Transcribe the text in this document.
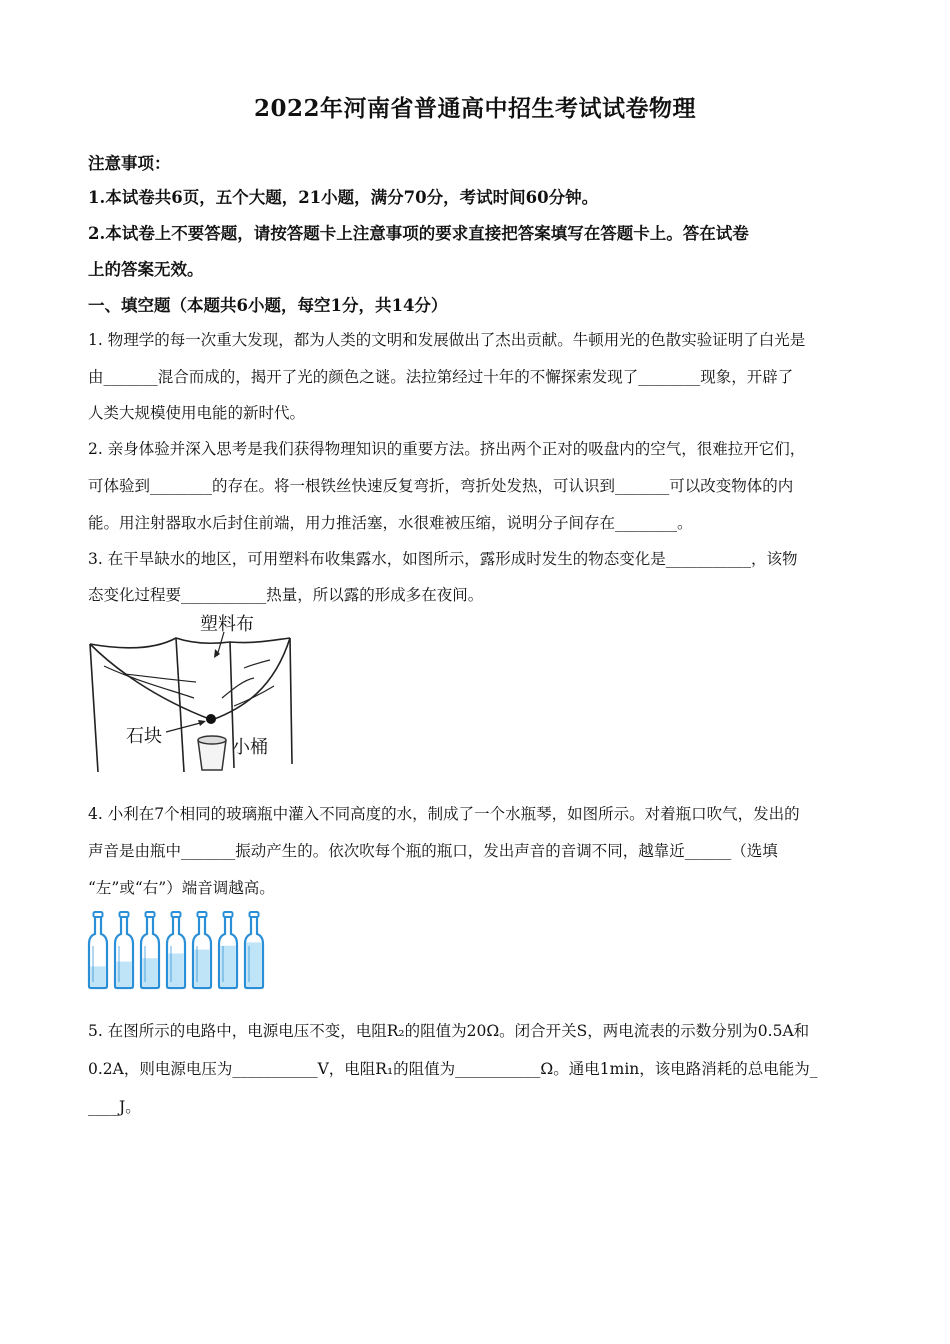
2022年河南省普通高中招生考试试卷物理
注意事项：
1.本试卷共6页，五个大题，21小题，满分70分，考试时间60分钟。
2.本试卷上不要答题，请按答题卡上注意事项的要求直接把答案填写在答题卡上。答在试卷
上的答案无效。
一、填空题（本题共6小题，每空1分，共14分）
1. 物理学的每一次重大发现，都为人类的文明和发展做出了杰出贡献。牛顿用光的色散实验证明了白光是
由_______混合而成的，揭开了光的颜色之谜。法拉第经过十年的不懈探索发现了________现象，开辟了
人类大规模使用电能的新时代。
2. 亲身体验并深入思考是我们获得物理知识的重要方法。挤出两个正对的吸盘内的空气，很难拉开它们，
可体验到________的存在。将一根铁丝快速反复弯折，弯折处发热，可认识到_______可以改变物体的内
能。用注射器取水后封住前端，用力推活塞，水很难被压缩，说明分子间存在________。
3. 在干旱缺水的地区，可用塑料布收集露水，如图所示，露形成时发生的物态变化是___________，该物
态变化过程要___________热量，所以露的形成多在夜间。
塑料布
石块
小桶
4. 小利在7个相同的玻璃瓶中灌入不同高度的水，制成了一个水瓶琴，如图所示。对着瓶口吹气，发出的
声音是由瓶中_______振动产生的。依次吹每个瓶的瓶口，发出声音的音调不同，越靠近______（选填
“左”或“右”）端音调越高。
5. 在图所示的电路中，电源电压不变，电阻R₂的阻值为20Ω。闭合开关S，两电流表的示数分别为0.5A和
0.2A，则电源电压为___________V，电阻R₁的阻值为___________Ω。通电1min，该电路消耗的总电能为_
____J。
